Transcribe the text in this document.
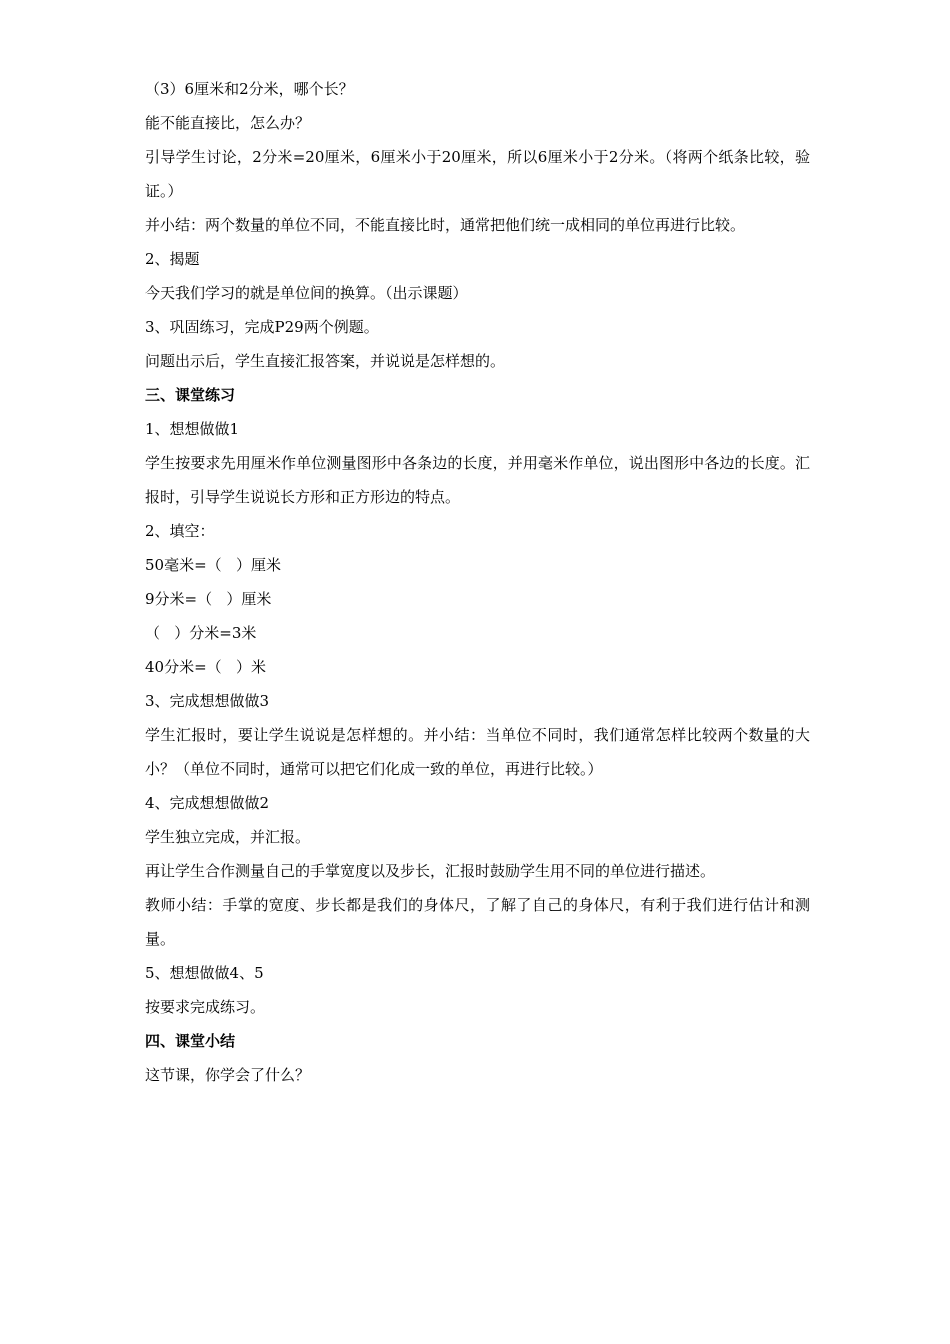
（3）6厘米和2分米，哪个长？
能不能直接比，怎么办？

引导学生讨论，2分米=20厘米，6厘米小于20厘米，所以6厘米小于2分米。（将两个纸条比较，验证。）

并小结：两个数量的单位不同，不能直接比时，通常把他们统一成相同的单位再进行比较。
2、揭题
今天我们学习的就是单位间的换算。（出示课题）
3、巩固练习，完成P29两个例题。
问题出示后，学生直接汇报答案，并说说是怎样想的。
三、课堂练习
1、想想做做1

学生按要求先用厘米作单位测量图形中各条边的长度，并用毫米作单位，说出图形中各边的长度。汇报时，引导学生说说长方形和正方形边的特点。

2、填空：
50毫米=（   ）厘米
9分米=（   ）厘米
（   ）分米=3米
40分米=（   ）米
3、完成想想做做3

学生汇报时，要让学生说说是怎样想的。并小结：当单位不同时，我们通常怎样比较两个数量的大小？（单位不同时，通常可以把它们化成一致的单位，再进行比较。）

4、完成想想做做2
学生独立完成，并汇报。
再让学生合作测量自己的手掌宽度以及步长，汇报时鼓励学生用不同的单位进行描述。

教师小结：手掌的宽度、步长都是我们的身体尺，了解了自己的身体尺，有利于我们进行估计和测量。

5、想想做做4、5
按要求完成练习。
四、课堂小结
这节课，你学会了什么？
